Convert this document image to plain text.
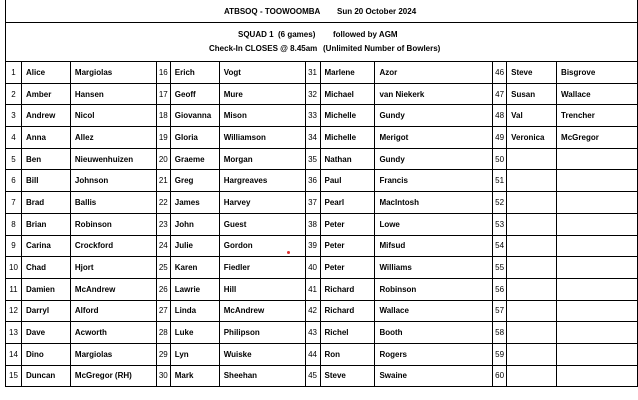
ATBSOQ - TOOWOOMBA Sun 20 October 2024
SQUAD 1  (6 games) followed by AGM
Check-In CLOSES @ 8.45am (Unlimited Number of Bowlers)
1	Alice	Margiolas	16	Erich	Vogt	31	Marlene	Azor	46	Steve	Bisgrove
2	Amber	Hansen	17	Geoff	Mure	32	Michael	van Niekerk	47	Susan	Wallace
3	Andrew	Nicol	18	Giovanna	Mison	33	Michelle	Gundy	48	Val	Trencher
4	Anna	Allez	19	Gloria	Williamson	34	Michelle	Merigot	49	Veronica	McGregor
5	Ben	Nieuwenhuizen	20	Graeme	Morgan	35	Nathan	Gundy	50		
6	Bill	Johnson	21	Greg	Hargreaves	36	Paul	Francis	51		
7	Brad	Ballis	22	James	Harvey	37	Pearl	MacIntosh	52		
8	Brian	Robinson	23	John	Guest	38	Peter	Lowe	53		
9	Carina	Crockford	24	Julie	Gordon	39	Peter	Mifsud	54		
10	Chad	Hjort	25	Karen	Fiedler	40	Peter	Williams	55		
11	Damien	McAndrew	26	Lawrie	Hill	41	Richard	Robinson	56		
12	Darryl	Alford	27	Linda	McAndrew	42	Richard	Wallace	57		
13	Dave	Acworth	28	Luke	Philipson	43	Richel	Booth	58		
14	Dino	Margiolas	29	Lyn	Wuiske	44	Ron	Rogers	59		
15	Duncan	McGregor (RH)	30	Mark	Sheehan	45	Steve	Swaine	60		
